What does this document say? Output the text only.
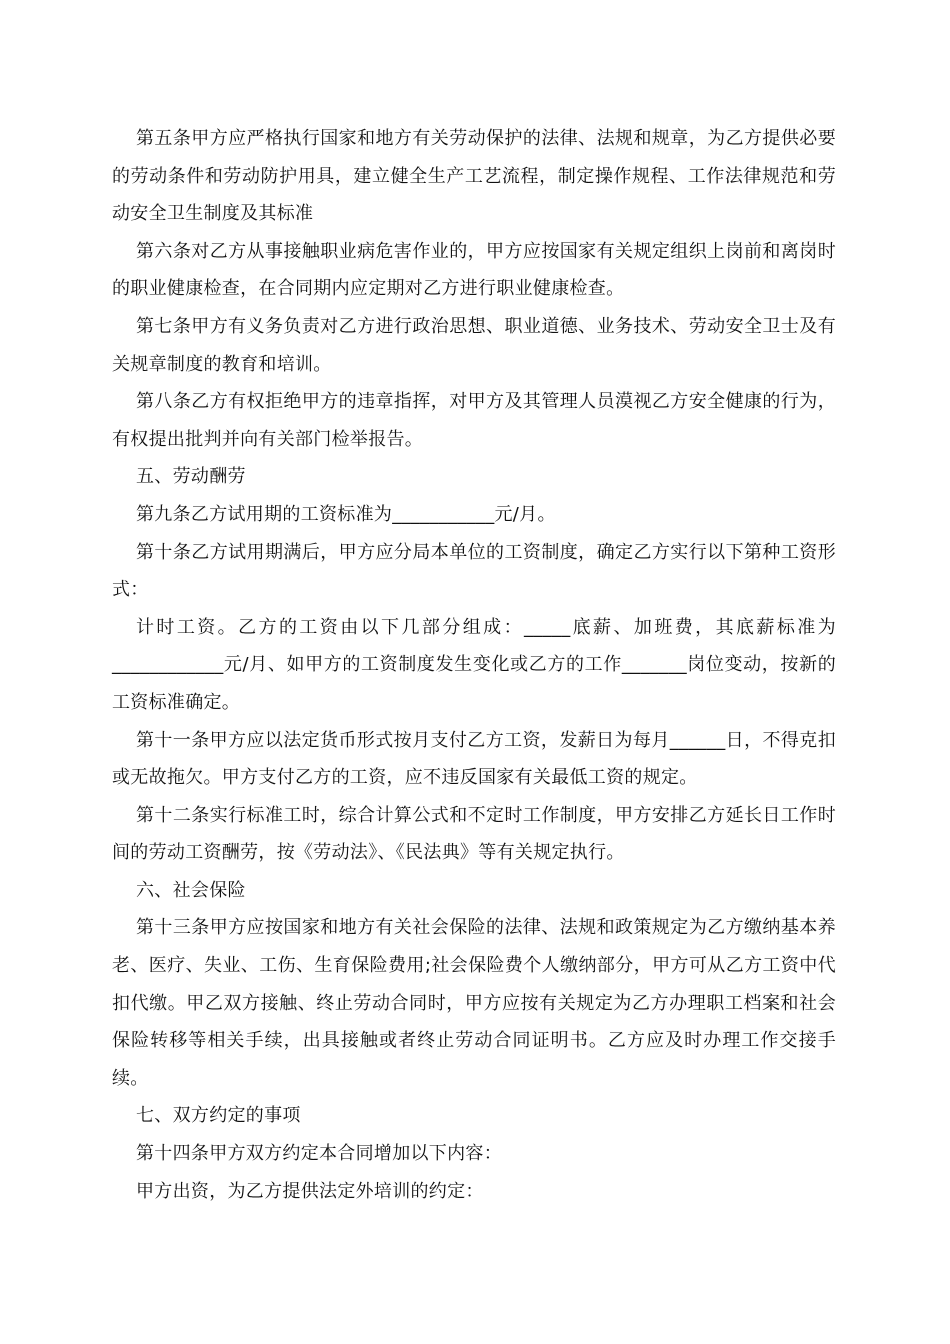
第五条甲方应严格执行国家和地方有关劳动保护的法律、法规和规章，为乙方提供必要的劳动条件和劳动防护用具，建立健全生产工艺流程，制定操作规程、工作法律规范和劳动安全卫生制度及其标准

第六条对乙方从事接触职业病危害作业的，甲方应按国家有关规定组织上岗前和离岗时的职业健康检查，在合同期内应定期对乙方进行职业健康检查。

第七条甲方有义务负责对乙方进行政治思想、职业道德、业务技术、劳动安全卫士及有关规章制度的教育和培训。

第八条乙方有权拒绝甲方的违章指挥，对甲方及其管理人员漠视乙方安全健康的行为，有权提出批判并向有关部门检举报告。

五、劳动酬劳

第九条乙方试用期的工资标准为___________元/月。

第十条乙方试用期满后，甲方应分局本单位的工资制度，确定乙方实行以下第种工资形式：

计时工资。乙方的工资由以下几部分组成：_____底薪、加班费，其底薪标准为____________元/月、如甲方的工资制度发生变化或乙方的工作_______岗位变动，按新的工资标准确定。

第十一条甲方应以法定货币形式按月支付乙方工资，发薪日为每月______日，不得克扣或无故拖欠。甲方支付乙方的工资，应不违反国家有关最低工资的规定。

第十二条实行标准工时，综合计算公式和不定时工作制度，甲方安排乙方延长日工作时间的劳动工资酬劳，按《劳动法》、《民法典》等有关规定执行。

六、社会保险

第十三条甲方应按国家和地方有关社会保险的法律、法规和政策规定为乙方缴纳基本养老、医疗、失业、工伤、生育保险费用;社会保险费个人缴纳部分，甲方可从乙方工资中代扣代缴。甲乙双方接触、终止劳动合同时，甲方应按有关规定为乙方办理职工档案和社会保险转移等相关手续，出具接触或者终止劳动合同证明书。乙方应及时办理工作交接手续。

七、双方约定的事项

第十四条甲方双方约定本合同增加以下内容：

甲方出资，为乙方提供法定外培训的约定：
